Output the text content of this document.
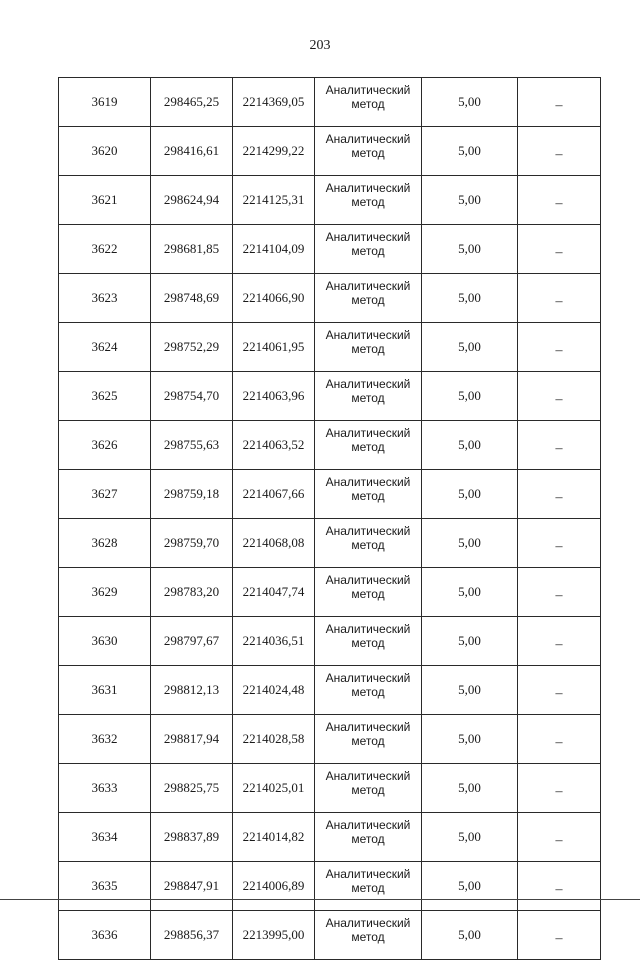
203
3619	298465,25	2214369,05	Аналитический
метод	5,00	–
3620	298416,61	2214299,22	Аналитический
метод	5,00	–
3621	298624,94	2214125,31	Аналитический
метод	5,00	–
3622	298681,85	2214104,09	Аналитический
метод	5,00	–
3623	298748,69	2214066,90	Аналитический
метод	5,00	–
3624	298752,29	2214061,95	Аналитический
метод	5,00	–
3625	298754,70	2214063,96	Аналитический
метод	5,00	–
3626	298755,63	2214063,52	Аналитический
метод	5,00	–
3627	298759,18	2214067,66	Аналитический
метод	5,00	–
3628	298759,70	2214068,08	Аналитический
метод	5,00	–
3629	298783,20	2214047,74	Аналитический
метод	5,00	–
3630	298797,67	2214036,51	Аналитический
метод	5,00	–
3631	298812,13	2214024,48	Аналитический
метод	5,00	–
3632	298817,94	2214028,58	Аналитический
метод	5,00	–
3633	298825,75	2214025,01	Аналитический
метод	5,00	–
3634	298837,89	2214014,82	Аналитический
метод	5,00	–
3635	298847,91	2214006,89	Аналитический
метод	5,00	–
3636	298856,37	2213995,00	Аналитический
метод	5,00	–
